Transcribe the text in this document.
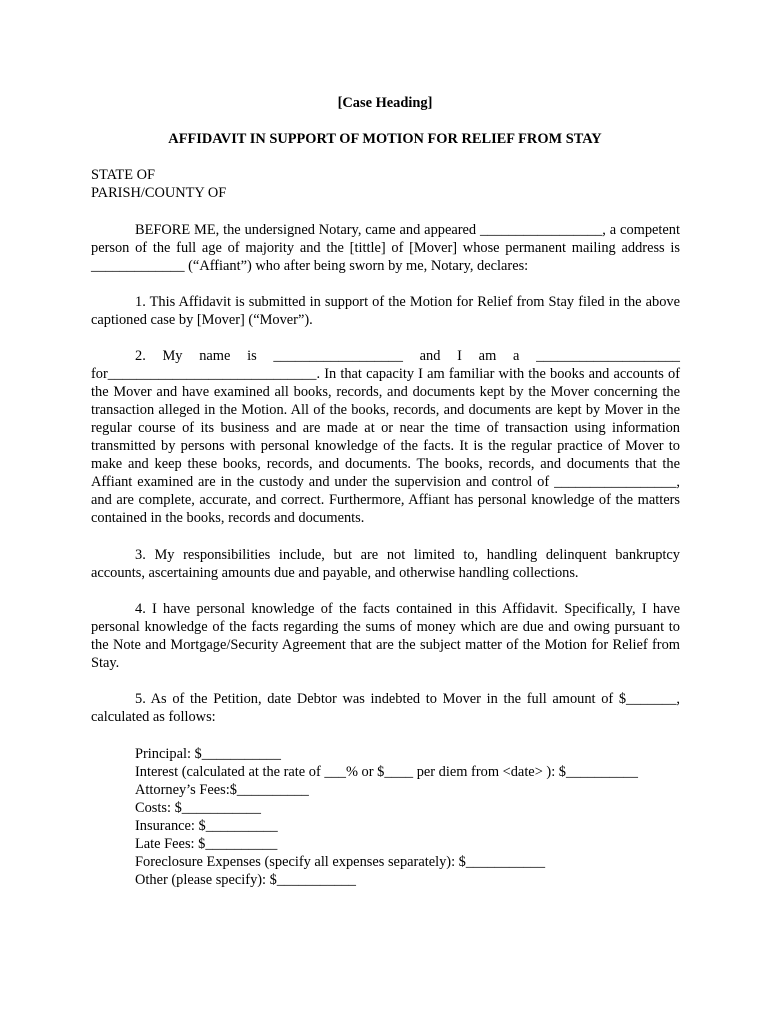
[Case Heading]
AFFIDAVIT IN SUPPORT OF MOTION FOR RELIEF FROM STAY
STATE OF
PARISH/COUNTY OF

BEFORE ME, the undersigned Notary, came and appeared _________________, a competent person of the full age of majority and the [tittle] of [Mover] whose permanent mailing address is _____________ (“Affiant”) who after being sworn by me, Notary, declares:

1. This Affidavit is submitted in support of the Motion for Relief from Stay filed in the above captioned case by [Mover] (“Mover”).

2. My name is __________________ and I am a ____________________ for_____________________________. In that capacity I am familiar with the books and accounts of the Mover and have examined all books, records, and documents kept by the Mover concerning the transaction alleged in the Motion. All of the books, records, and documents are kept by Mover in the regular course of its business and are made at or near the time of transaction using information transmitted by persons with personal knowledge of the facts. It is the regular practice of Mover to make and keep these books, records, and documents. The books, records, and documents that the Affiant examined are in the custody and under the supervision and control of _________________, and are complete, accurate, and correct. Furthermore, Affiant has personal knowledge of the matters contained in the books, records and documents.

3. My responsibilities include, but are not limited to, handling delinquent bankruptcy accounts, ascertaining amounts due and payable, and otherwise handling collections.

4. I have personal knowledge of the facts contained in this Affidavit. Specifically, I have personal knowledge of the facts regarding the sums of money which are due and owing pursuant to the Note and Mortgage/Security Agreement that are the subject matter of the Motion for Relief from Stay.

5. As of the Petition, date Debtor was indebted to Mover in the full amount of $_______, calculated as follows:

Principal: $___________
Interest (calculated at the rate of ___% or $____ per diem from <date> ): $__________
Attorney’s Fees:$__________
Costs: $___________
Insurance: $__________
Late Fees: $__________
Foreclosure Expenses (specify all expenses separately): $___________
Other (please specify): $___________
